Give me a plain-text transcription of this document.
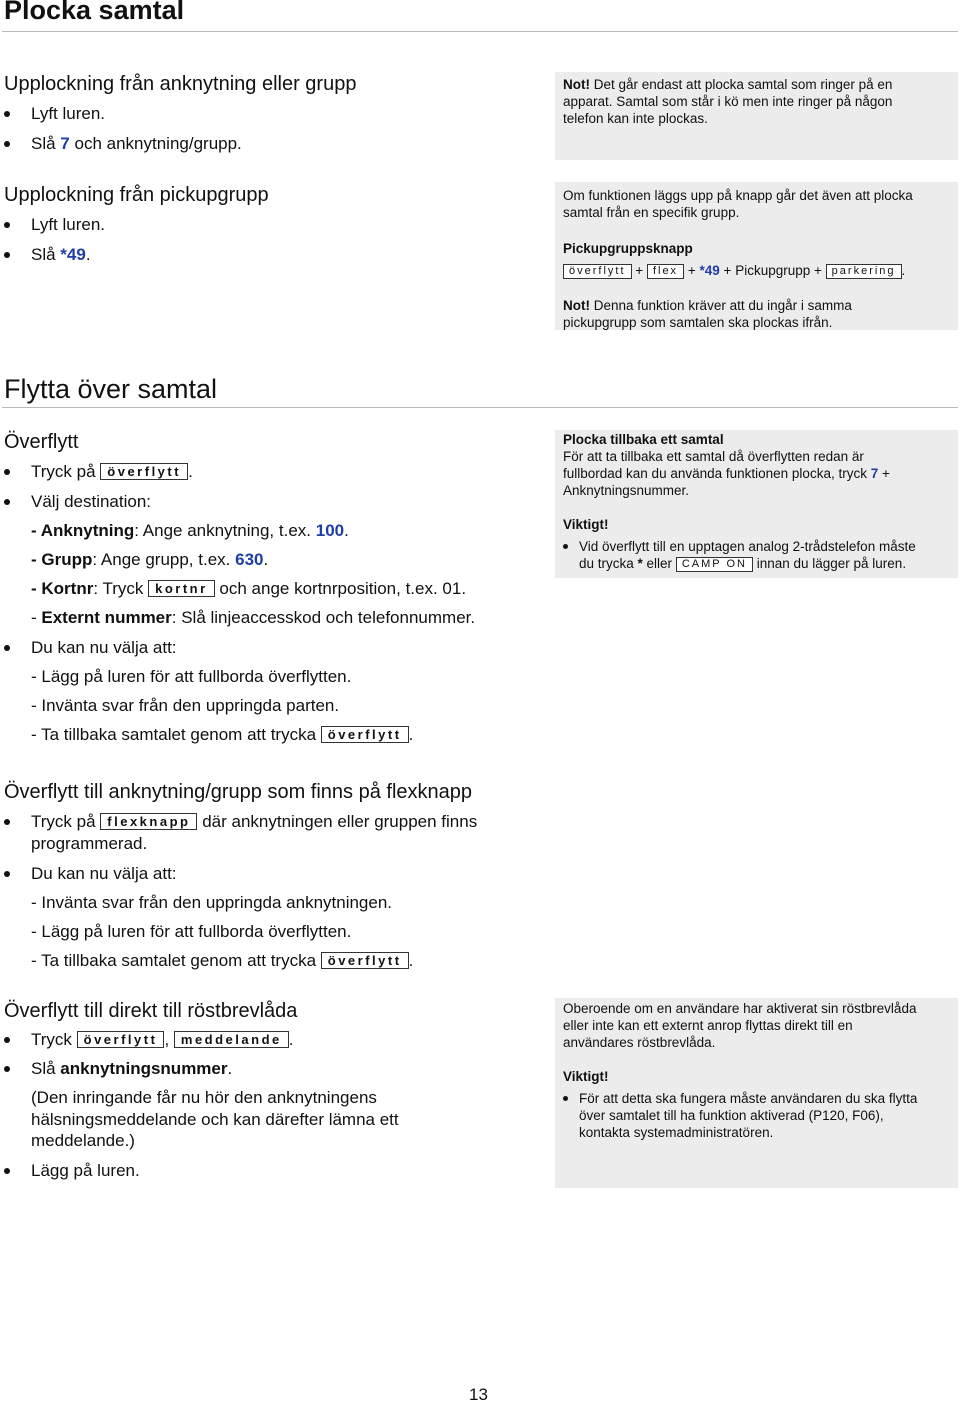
Plocka samtal
Upplockning från anknytning eller grupp
Lyft luren.
Slå 7 och anknytning/grupp.
Upplockning från pickupgrupp
Lyft luren.
Slå *49.
Not! Det går endast att plocka samtal som ringer på en
apparat. Samtal som står i kö men inte ringer på någon
telefon kan inte plockas.
Om funktionen läggs upp på knapp går det även att plocka
samtal från en specifik grupp.
Pickupgruppsknapp
överflytt + flex + *49 + Pickupgrupp + parkering .
Not! Denna funktion kräver att du ingår i samma
pickupgrupp som samtalen ska plockas ifrån.
Flytta över samtal
Överflytt
Tryck på överflytt .
Välj destination:
- Anknytning: Ange anknytning, t.ex. 100.
- Grupp: Ange grupp, t.ex. 630.
- Kortnr: Tryck kortnr och ange kortnrposition, t.ex. 01.
- Externt nummer: Slå linjeaccesskod och telefonnummer.
Du kan nu välja att:
- Lägg på luren för att fullborda överflytten.
- Invänta svar från den uppringda parten.
- Ta tillbaka samtalet genom att trycka överflytt .
Plocka tillbaka ett samtal
För att ta tillbaka ett samtal då överflytten redan är
fullbordad kan du använda funktionen plocka, tryck 7 +
Anknytningsnummer.
Viktigt!
Vid överflytt till en upptagen analog 2-trådstelefon måste
du trycka * eller CAMP ON innan du lägger på luren.
Överflytt till anknytning/grupp som finns på flexknapp
Tryck på flexknapp där anknytningen eller gruppen finns
programmerad.
Du kan nu välja att:
- Invänta svar från den uppringda anknytningen.
- Lägg på luren för att fullborda överflytten.
- Ta tillbaka samtalet genom att trycka överflytt .
Överflytt till direkt till röstbrevlåda
Tryck överflytt , meddelande .
Slå anknytningsnummer.
(Den inringande får nu hör den anknytningens
hälsningsmeddelande och kan därefter lämna ett
meddelande.)
Lägg på luren.
Oberoende om en användare har aktiverat sin röstbrevlåda
eller inte kan ett externt anrop flyttas direkt till en
användares röstbrevlåda.
Viktigt!
För att detta ska fungera måste användaren du ska flytta
över samtalet till ha funktion aktiverad (P120, F06),
kontakta systemadministratören.
13
